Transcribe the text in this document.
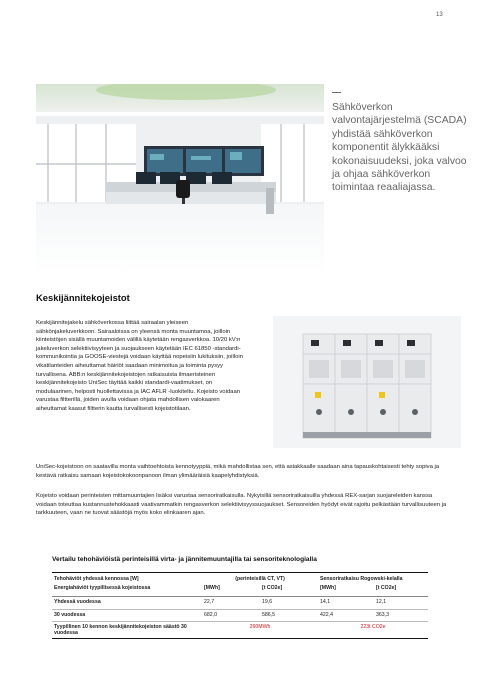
13
Sähköverkon valvontajärjestelmä (SCADA) yhdistää sähköverkon komponentit älykkääksi kokonaisuudeksi, joka valvoo ja ohjaa sähköverkon toimintaa reaaliajassa.
Keskijännitekojeistot
Keskijännitejakelu sähköverkossa liittää sairaalan yleiseen sähkönjakeluverkkoon. Sairaaloissa on yleensä monta muuntamoa, joilloin kiinteistöjen sisällä muuntamoiden välillä käytetään rengasverkkoa. 10/20 kV:n jakeluverkon selektiivisyyteen ja suojaukseen käytetään IEC 61850 -standardi-kommunikointia ja GOOSE-viestejä voidaan käyttää nopeisiin lukituksiin, joilloin vikatilanteiden aiheuttamat häiriöt saadaan minimoitua ja toiminta pysyy turvallisena. ABB:n keskijännitekojeistojen ratkaisuista ilmaeristeinen keskijännitekojeisto UniSec täyttää kaikki standardi-vaatimukset, on modulaarinen, helposti huollettavissa ja IAC AFLR -luokiteltu. Kojeisto voidaan varustaa filtterillä, joiden avulla voidaan ohjata mahdollisen valokaaren aiheuttamat kaasut filtterin kautta turvallisesti kojeistotilaan.
UniSec-kojeistoon on saatavilla monta vaihtoehtoista kennotyyppiä, mikä mahdollistaa sen, että asiakkaalle saadaan aina tapauskohtaisesti tehty sopiva ja kestävä ratkaisu samaan kojeistokokoonpanoon ilman ylimääräisiä kaapelyhdistyksiä.
Kojeisto voidaan perinteisten mittamuuntajien lisäksi varustaa sensoriratkaisulla. Nykyisillä sensoriratkaisuilla yhdessä REX-sarjan suojareleiden kanssa voidaan toteuttaa kustannustehokkaasti vaativammatkin rengasverkon selektiivisyyssuojaukset. Sensoreiden hyödyt eivät rajoitu pelkästään turvallisuuteen ja tarkkuuteen, vaan ne tuovat säästöjä myös koko elinkaaren ajan.
Vertailu tehohäviöistä perinteisillä virta- ja jännitemuuntajilla tai sensoriteknologialla
Tehohäviöt yhdessä kennossa [W]	(perinteisillä CT, VT)		Sensoriratkaisu Rogowski-kelalla	
Energiahäviöt tyypillisessä kojeistossa	[MWh]	[t CO2e]	[MWh]	[t CO2e]
Yhdessä vuodessa	22,7	19,6	14,1	12,1
30 vuodessa	682,0	586,5	422,4	363,3
Tyypillinen 10 kennon keskijännitekojeiston säästö 30 vuodessa	260MWh		223t CO2e	
